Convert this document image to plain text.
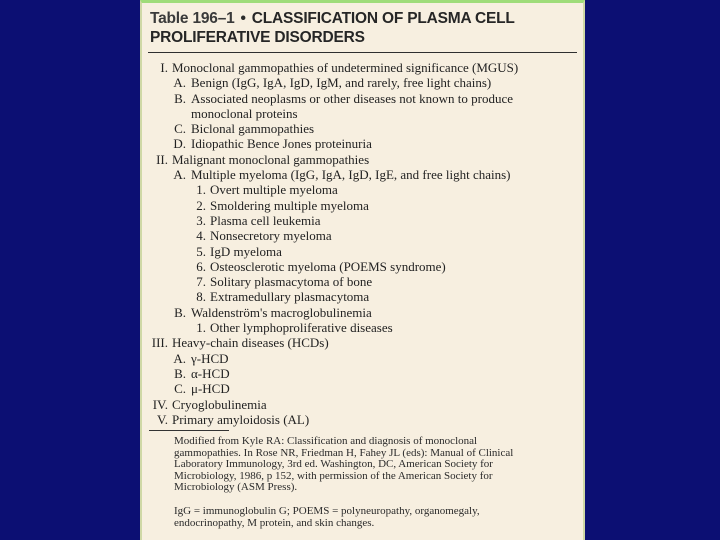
Table 196–1 • CLASSIFICATION OF PLASMA CELL
PROLIFERATIVE DISORDERS
I. Monoclonal gammopathies of undetermined significance (MGUS)
A. Benign (IgG, IgA, IgD, IgM, and rarely, free light chains)
B. Associated neoplasms or other diseases not known to produce
monoclonal proteins
C. Biclonal gammopathies
D. Idiopathic Bence Jones proteinuria
II. Malignant monoclonal gammopathies
A. Multiple myeloma (IgG, IgA, IgD, IgE, and free light chains)
1. Overt multiple myeloma
2. Smoldering multiple myeloma
3. Plasma cell leukemia
4. Nonsecretory myeloma
5. IgD myeloma
6. Osteosclerotic myeloma (POEMS syndrome)
7. Solitary plasmacytoma of bone
8. Extramedullary plasmacytoma
B. Waldenström's macroglobulinemia
1. Other lymphoproliferative diseases
III. Heavy-chain diseases (HCDs)
A. γ-HCD
B. α-HCD
C. μ-HCD
IV. Cryoglobulinemia
V. Primary amyloidosis (AL)
Modified from Kyle RA: Classification and diagnosis of monoclonal
gammopathies. In Rose NR, Friedman H, Fahey JL (eds): Manual of Clinical
Laboratory Immunology, 3rd ed. Washington, DC, American Society for
Microbiology, 1986, p 152, with permission of the American Society for
Microbiology (ASM Press).
IgG = immunoglobulin G; POEMS = polyneuropathy, organomegaly,
endocrinopathy, M protein, and skin changes.
